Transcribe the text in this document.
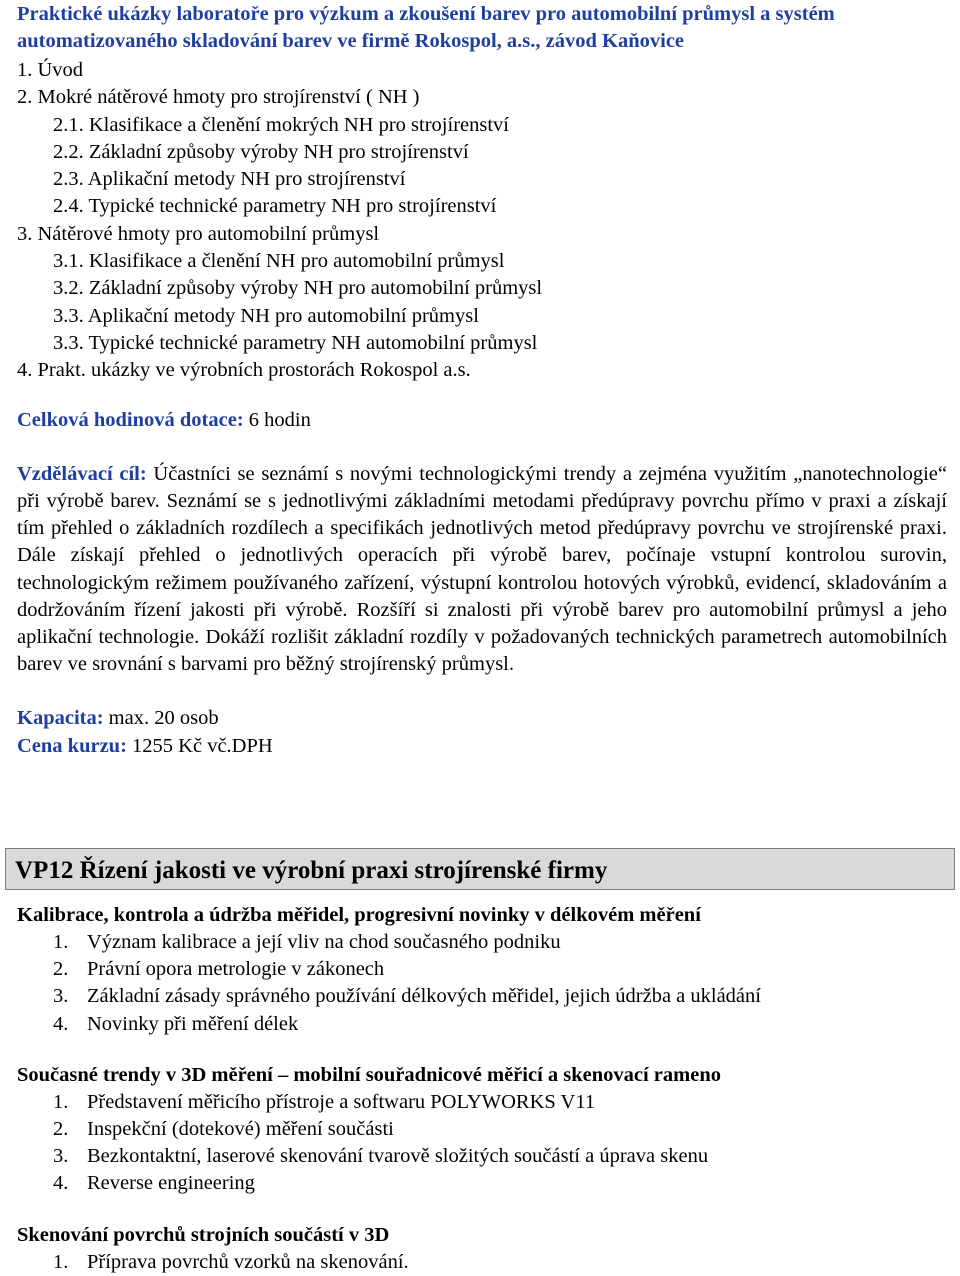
Praktické ukázky laboratoře pro výzkum a zkoušení barev pro automobilní průmysl a systém automatizovaného skladování barev ve firmě Rokospol, a.s., závod Kaňovice
1. Úvod
2. Mokré nátěrové hmoty pro strojírenství ( NH )
2.1. Klasifikace a členění mokrých NH pro strojírenství
2.2. Základní způsoby výroby NH pro strojírenství
2.3. Aplikační metody NH pro strojírenství
2.4. Typické technické parametry NH pro strojírenství
3. Nátěrové hmoty pro automobilní průmysl
3.1. Klasifikace a členění NH pro automobilní průmysl
3.2. Základní způsoby výroby NH pro automobilní průmysl
3.3. Aplikační metody NH pro automobilní průmysl
3.3. Typické technické parametry NH automobilní průmysl
4. Prakt. ukázky ve výrobních prostorách Rokospol a.s.
Celková hodinová dotace: 6 hodin
Vzdělávací cíl: Účastníci se seznámí s novými technologickými trendy a zejména využitím „nanotechnologie“ při výrobě barev. Seznámí se s jednotlivými základními metodami předúpravy povrchu přímo v praxi a získají tím přehled o základních rozdílech a specifikách jednotlivých metod předúpravy povrchu ve strojírenské praxi. Dále získají přehled o jednotlivých operacích při výrobě barev, počínaje vstupní kontrolou surovin, technologickým režimem používaného zařízení, výstupní kontrolou hotových výrobků, evidencí, skladováním a dodržováním řízení jakosti při výrobě. Rozšíří si znalosti při výrobě barev pro automobilní průmysl a jeho aplikační technologie. Dokáží rozlišit základní rozdíly v požadovaných technických parametrech automobilních barev ve srovnání s barvami pro běžný strojírenský průmysl.
Kapacita: max. 20 osob
Cena kurzu: 1255 Kč vč.DPH
VP12 Řízení jakosti ve výrobní praxi strojírenské firmy
Kalibrace, kontrola a údržba měřidel, progresivní novinky v délkovém měření
1. Význam kalibrace a její vliv na chod současného podniku
2. Právní opora metrologie v zákonech
3. Základní zásady správného používání délkových měřidel, jejich údržba a ukládání
4. Novinky při měření délek
Současné trendy v 3D měření – mobilní souřadnicové měřicí a skenovací rameno
1. Představení měřicího přístroje a softwaru POLYWORKS V11
2. Inspekční (dotekové) měření součásti
3. Bezkontaktní, laserové skenování tvarově složitých součástí a úprava skenu
4. Reverse engineering
Skenování povrchů strojních součástí v 3D
1. Příprava povrchů vzorků na skenování.
